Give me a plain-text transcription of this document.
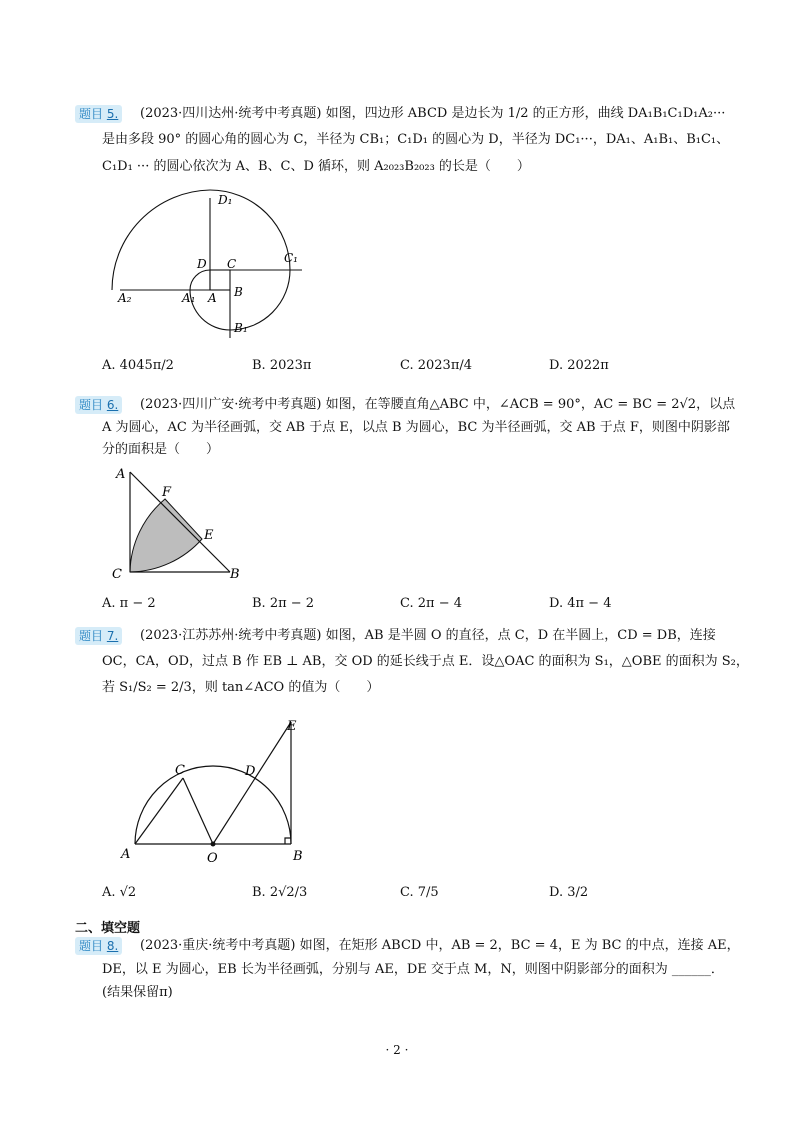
题目 5.	(2023·四川达州·统考中考真题) 如图，四边形 ABCD 是边长为 1/2 的正方形，曲线 DA₁B₁C₁D₁A₂···
是由多段 90° 的圆心角的圆心为 C，半径为 CB₁；C₁D₁ 的圆心为 D，半径为 DC₁···，DA₁、A₁B₁、B₁C₁、
C₁D₁ ··· 的圆心依次为 A、B、C、D 循环，则 A₂₀₂₃B₂₀₂₃ 的长是（　　）
D₁
D C	C₁
A₂	A₁ A B
B₁
A. 4045π/2	B. 2023π	C. 2023π/4	D. 2022π
题目 6.	(2023·四川广安·统考中考真题) 如图，在等腰直角△ABC 中，∠ACB = 90°，AC = BC = 2√2，以点
A 为圆心，AC 为半径画弧，交 AB 于点 E，以点 B 为圆心，BC 为半径画弧，交 AB 于点 F，则图中阴影部
分的面积是（　　）
A
F
E
C	B
A. π − 2	B. 2π − 2	C. 2π − 4	D. 4π − 4
题目 7.	(2023·江苏苏州·统考中考真题) 如图，AB 是半圆 O 的直径，点 C，D 在半圆上，CD = DB，连接
OC，CA，OD，过点 B 作 EB ⊥ AB，交 OD 的延长线于点 E．设△OAC 的面积为 S₁，△OBE 的面积为 S₂，
若 S₁/S₂ = 2/3，则 tan∠ACO 的值为（　　）
E
C	D
A	O	B
A. √2	B. 2√2/3	C. 7/5	D. 3/2
二、填空题
题目 8.	(2023·重庆·统考中考真题) 如图，在矩形 ABCD 中，AB = 2，BC = 4，E 为 BC 的中点，连接 AE，
DE，以 E 为圆心，EB 长为半径画弧，分别与 AE，DE 交于点 M，N，则图中阴影部分的面积为 ______．
(结果保留π)
· 2 ·
